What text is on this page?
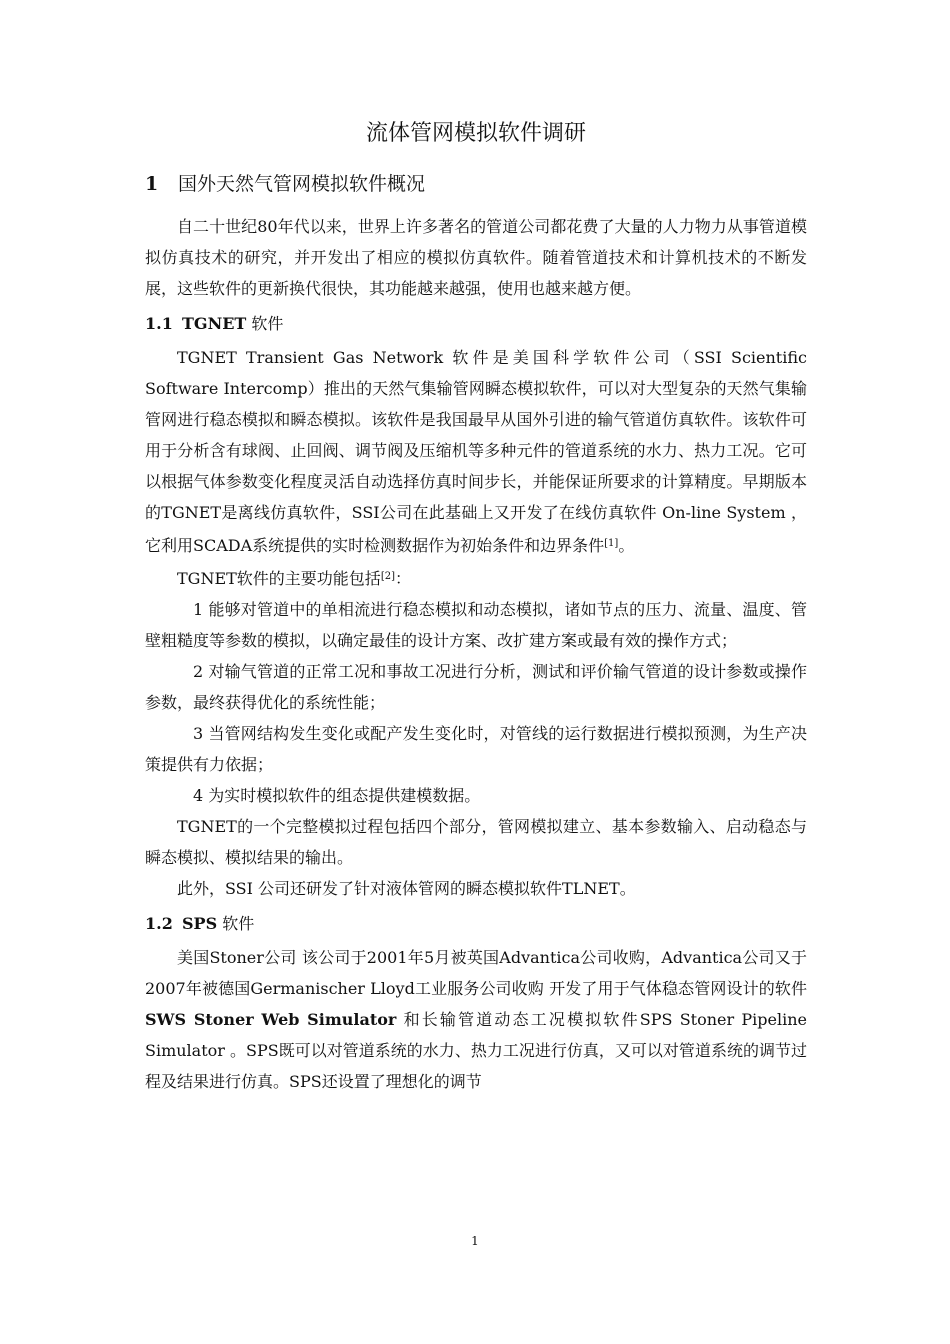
流体管网模拟软件调研
1 国外天然气管网模拟软件概况

自二十世纪80年代以来，世界上许多著名的管道公司都花费了大量的人力物力从事管道模拟仿真技术的研究，并开发出了相应的模拟仿真软件。随着管道技术和计算机技术的不断发展，这些软件的更新换代很快，其功能越来越强，使用也越来越方便。

1.1 TGNET 软件

TGNET Transient Gas Network 软件是美国科学软件公司（SSI Scientific Software Intercomp）推出的天然气集输管网瞬态模拟软件，可以对大型复杂的天然气集输管网进行稳态模拟和瞬态模拟。该软件是我国最早从国外引进的输气管道仿真软件。该软件可用于分析含有球阀、止回阀、调节阀及压缩机等多种元件的管道系统的水力、热力工况。它可以根据气体参数变化程度灵活自动选择仿真时间步长，并能保证所要求的计算精度。早期版本的TGNET是离线仿真软件，SSI公司在此基础上又开发了在线仿真软件 On-line System ，它利用SCADA系统提供的实时检测数据作为初始条件和边界条件[1]。

TGNET软件的主要功能包括[2]：

1 能够对管道中的单相流进行稳态模拟和动态模拟，诸如节点的压力、流量、温度、管壁粗糙度等参数的模拟，以确定最佳的设计方案、改扩建方案或最有效的操作方式；

2 对输气管道的正常工况和事故工况进行分析，测试和评价输气管道的设计参数或操作参数，最终获得优化的系统性能；

3 当管网结构发生变化或配产发生变化时，对管线的运行数据进行模拟预测，为生产决策提供有力依据；

4 为实时模拟软件的组态提供建模数据。

TGNET的一个完整模拟过程包括四个部分，管网模拟建立、基本参数输入、启动稳态与瞬态模拟、模拟结果的输出。

此外，SSI 公司还研发了针对液体管网的瞬态模拟软件TLNET。

1.2 SPS 软件

美国Stoner公司 该公司于2001年5月被英国Advantica公司收购，Advantica公司又于2007年被德国Germanischer Lloyd工业服务公司收购 开发了用于气体稳态管网设计的软件SWS Stoner Web Simulator 和长输管道动态工况模拟软件SPS Stoner Pipeline Simulator 。SPS既可以对管道系统的水力、热力工况进行仿真，又可以对管道系统的调节过程及结果进行仿真。SPS还设置了理想化的调节

1
